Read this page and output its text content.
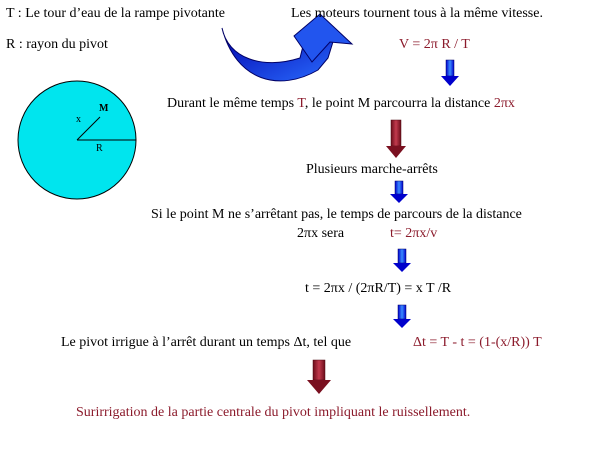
T : Le tour d’eau de la rampe pivotante
R : rayon du pivot
Les moteurs tournent tous à la même vitesse.
V = 2π R / T
M
x
R
Durant le même temps T, le point M parcourra la distance 2πx
Plusieurs marche-arrêts
Si le point M ne s’arrêtant pas, le temps de parcours de la distance
2πx sera	t= 2πx/v
t = 2πx / (2πR/T) = x T /R
Le pivot irrigue à l’arrêt durant un temps Δt, tel que	Δt = T - t = (1-(x/R)) T
Surirrigation de la partie centrale du pivot impliquant le ruissellement.
